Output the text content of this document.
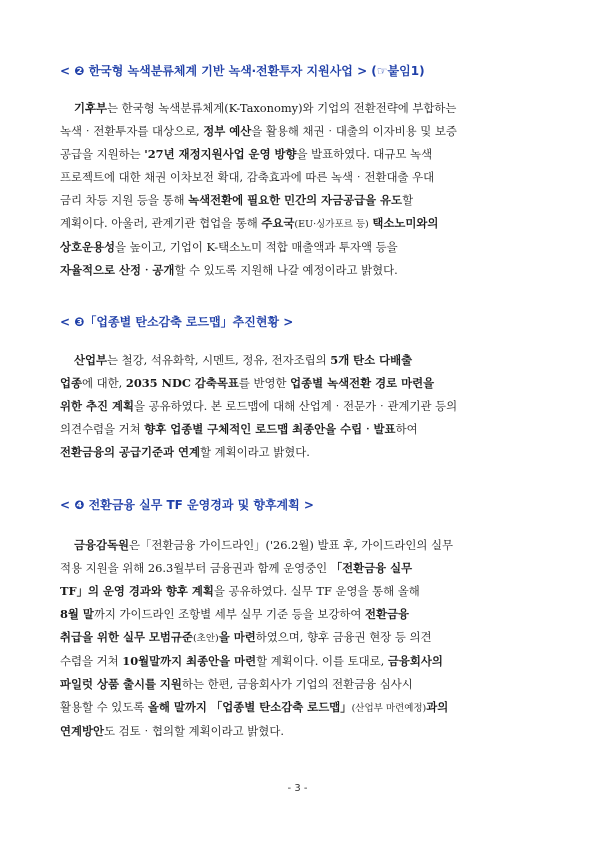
< ❷ 한국형 녹색분류체계 기반 녹색‧전환투자 지원사업 > (☞붙임1)
기후부는 한국형 녹색분류체계(K-Taxonomy)와 기업의 전환전략에 부합하는
녹색‧전환투자를 대상으로, 정부 예산을 활용해 채권‧대출의 이자비용 및 보증
공급을 지원하는 '27년 재정지원사업 운영 방향을 발표하였다. 대규모 녹색
프로젝트에 대한 채권 이차보전 확대, 감축효과에 따른 녹색‧전환대출 우대
금리 차등 지원 등을 통해 녹색전환에 필요한 민간의 자금공급을 유도할
계획이다. 아울러, 관계기관 협업을 통해 주요국(EU‧싱가포르 등) 택소노미와의
상호운용성을 높이고, 기업이 K-택소노미 적합 매출액과 투자액 등을
자율적으로 산정‧공개할 수 있도록 지원해 나갈 예정이라고 밝혔다.
< ❸「업종별 탄소감축 로드맵」추진현황 >
산업부는 철강, 석유화학, 시멘트, 정유, 전자조립의 5개 탄소 다배출
업종에 대한, 2035 NDC 감축목표를 반영한 업종별 녹색전환 경로 마련을
위한 추진 계획을 공유하였다. 본 로드맵에 대해 산업계‧전문가‧관계기관 등의
의견수렴을 거쳐 향후 업종별 구체적인 로드맵 최종안을 수립‧발표하여
전환금융의 공급기준과 연계할 계획이라고 밝혔다.
< ❹ 전환금융 실무 TF 운영경과 및 향후계획 >
금융감독원은「전환금융 가이드라인」('26.2월) 발표 후, 가이드라인의 실무
적용 지원을 위해 26.3월부터 금융권과 함께 운영중인 「전환금융 실무
TF」의 운영 경과와 향후 계획을 공유하였다. 실무 TF 운영을 통해 올해
8월 말까지 가이드라인 조항별 세부 실무 기준 등을 보강하여 전환금융
취급을 위한 실무 모범규준(초안)을 마련하였으며, 향후 금융권 현장 등 의견
수렴을 거쳐 10월말까지 최종안을 마련할 계획이다. 이를 토대로, 금융회사의
파일럿 상품 출시를 지원하는 한편, 금융회사가 기업의 전환금융 심사시
활용할 수 있도록 올해 말까지 「업종별 탄소감축 로드맵」(산업부 마련예정)과의
연계방안도 검토‧협의할 계획이라고 밝혔다.
- 3 -
